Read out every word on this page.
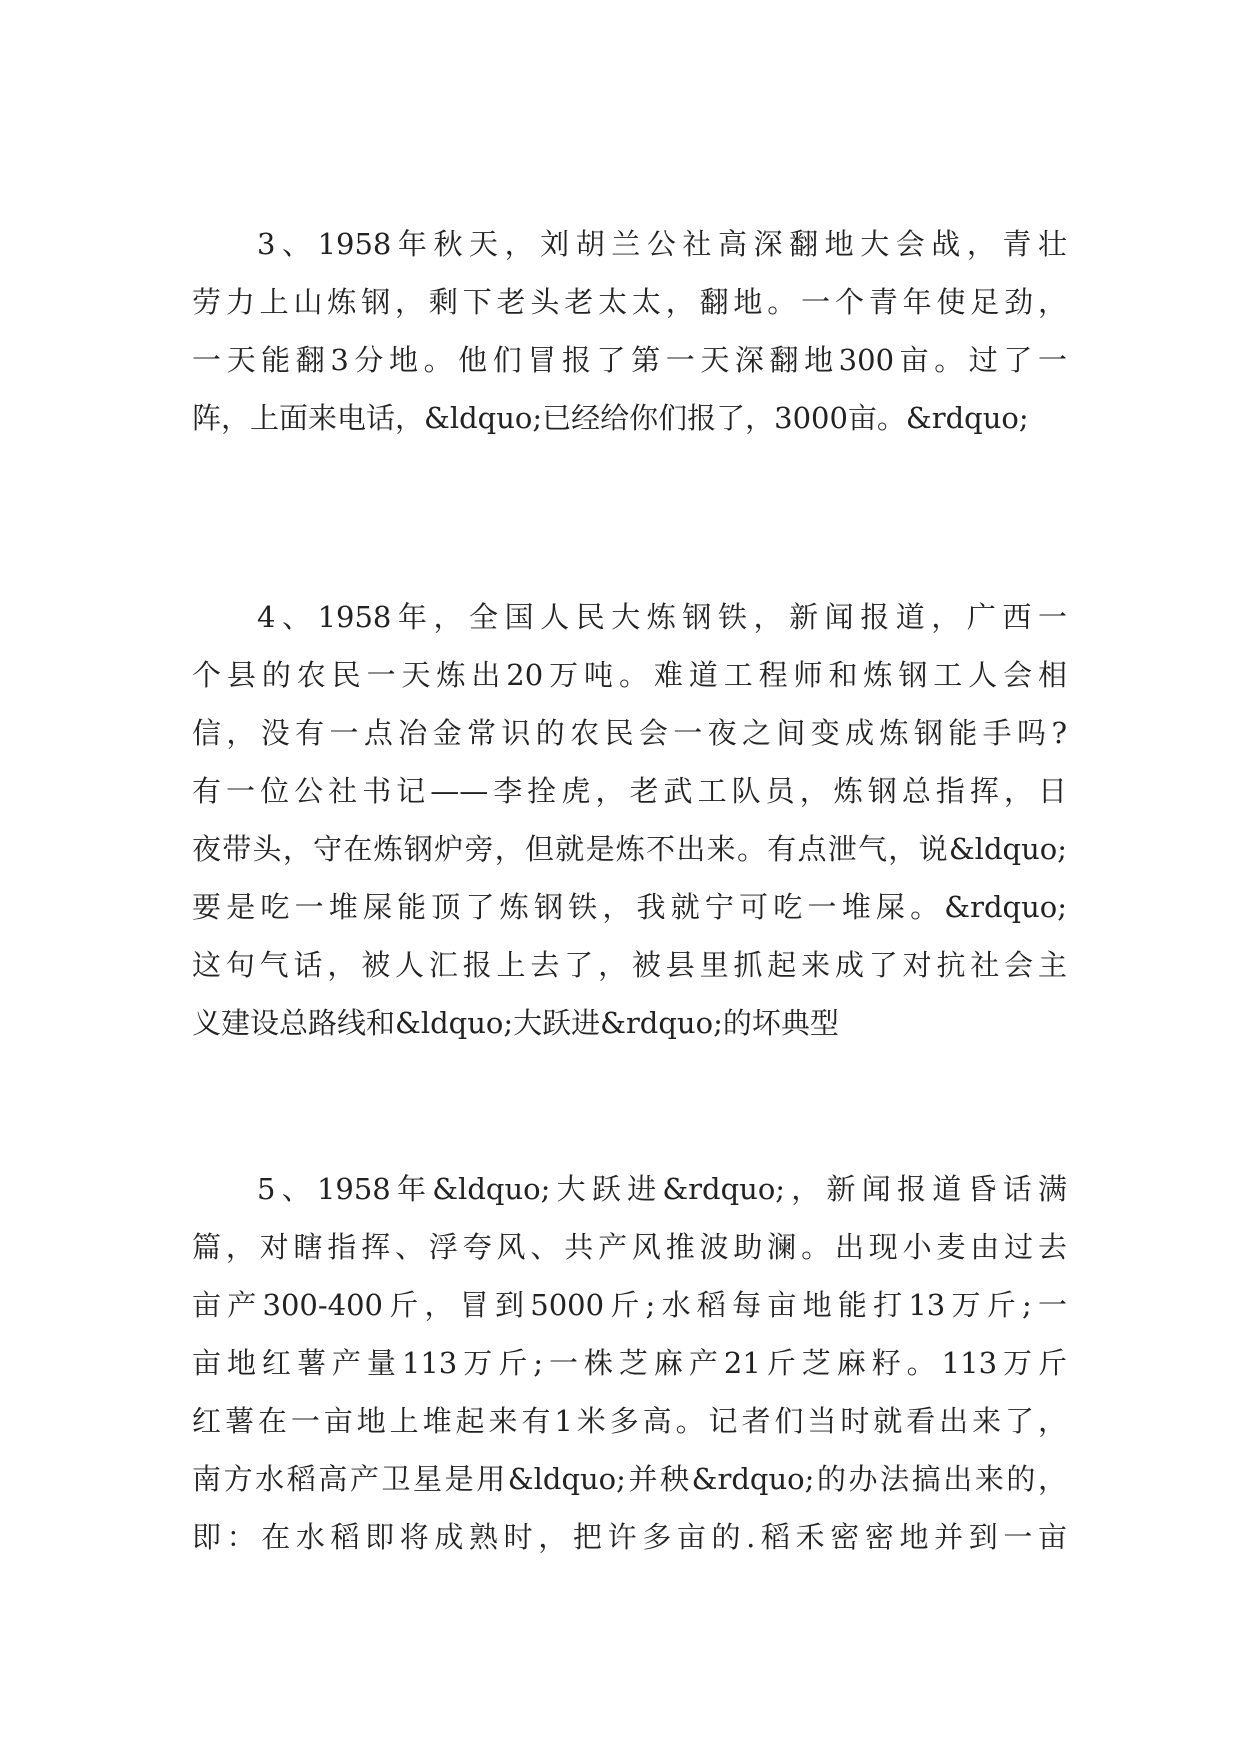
3、1958年秋天，刘胡兰公社高深翻地大会战，青壮
劳力上山炼钢，剩下老头老太太，翻地。一个青年使足劲，
一天能翻3分地。他们冒报了第一天深翻地300亩。过了一
阵，上面来电话，&ldquo;已经给你们报了，3000亩。&rdquo;
4、1958年，全国人民大炼钢铁，新闻报道，广西一
个县的农民一天炼出20万吨。难道工程师和炼钢工人会相
信，没有一点冶金常识的农民会一夜之间变成炼钢能手吗?
有一位公社书记——李拴虎，老武工队员，炼钢总指挥，日
夜带头，守在炼钢炉旁，但就是炼不出来。有点泄气，说&ldquo;
要是吃一堆屎能顶了炼钢铁，我就宁可吃一堆屎。&rdquo;
这句气话，被人汇报上去了，被县里抓起来成了对抗社会主
义建设总路线和&ldquo;大跃进&rdquo;的坏典型
5、1958年&ldquo;大跃进&rdquo;，新闻报道昏话满
篇，对瞎指挥、浮夸风、共产风推波助澜。出现小麦由过去
亩产300-400斤，冒到5000斤;水稻每亩地能打13万斤;一
亩地红薯产量113万斤;一株芝麻产21斤芝麻籽。113万斤
红薯在一亩地上堆起来有1米多高。记者们当时就看出来了，
南方水稻高产卫星是用&ldquo;并秧&rdquo;的办法搞出来的，
即：在水稻即将成熟时，把许多亩的.稻禾密密地并到一亩
